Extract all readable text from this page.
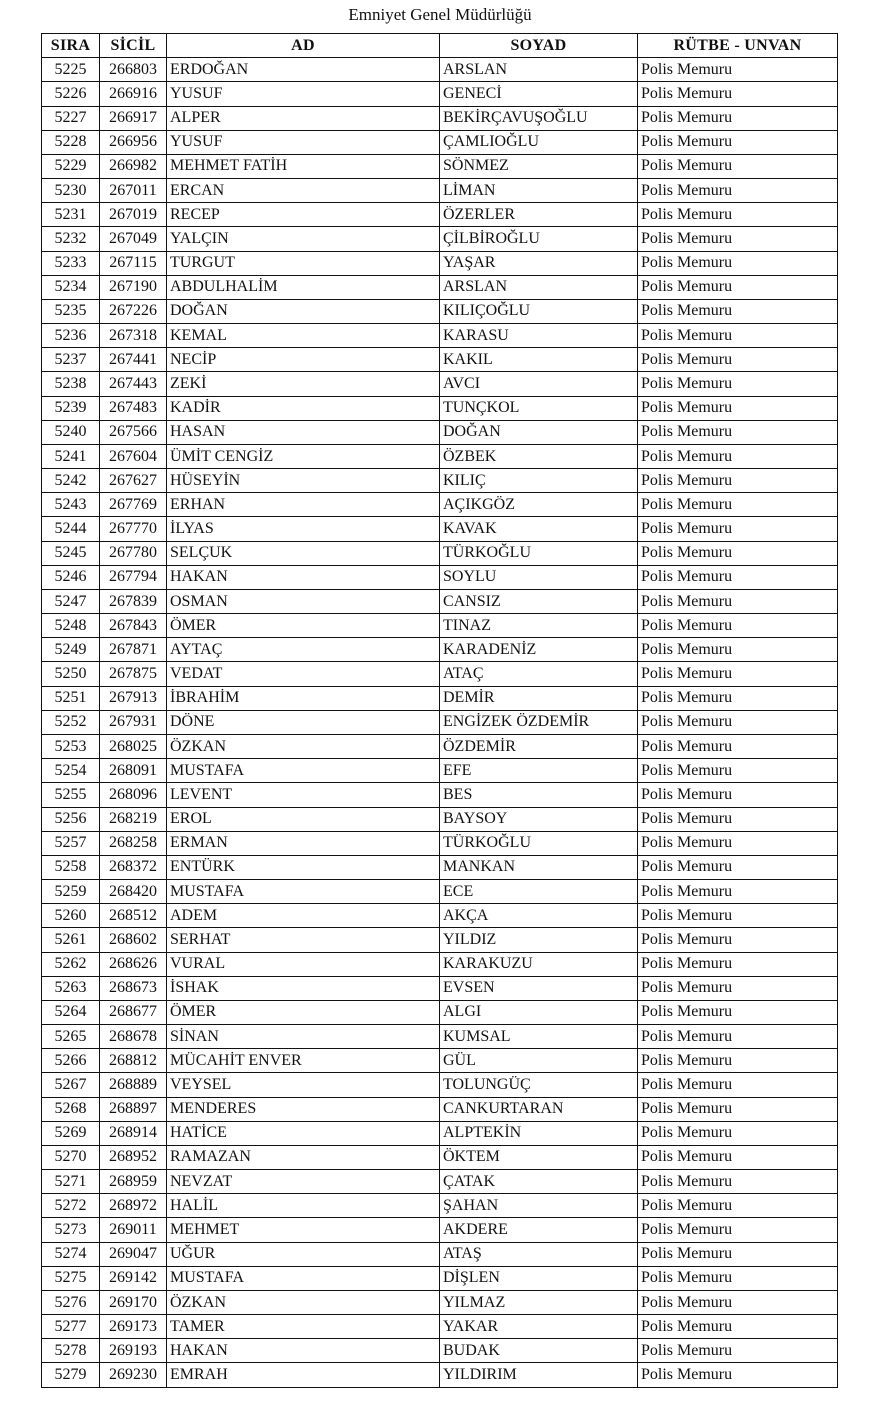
Emniyet Genel Müdürlüğü
SIRA	SİCİL	AD	SOYAD	RÜTBE - UNVAN
5225	266803	ERDOĞAN	ARSLAN	Polis Memuru
5226	266916	YUSUF	GENECİ	Polis Memuru
5227	266917	ALPER	BEKİRÇAVUŞOĞLU	Polis Memuru
5228	266956	YUSUF	ÇAMLIOĞLU	Polis Memuru
5229	266982	MEHMET FATİH	SÖNMEZ	Polis Memuru
5230	267011	ERCAN	LİMAN	Polis Memuru
5231	267019	RECEP	ÖZERLER	Polis Memuru
5232	267049	YALÇIN	ÇİLBİROĞLU	Polis Memuru
5233	267115	TURGUT	YAŞAR	Polis Memuru
5234	267190	ABDULHALİM	ARSLAN	Polis Memuru
5235	267226	DOĞAN	KILIÇOĞLU	Polis Memuru
5236	267318	KEMAL	KARASU	Polis Memuru
5237	267441	NECİP	KAKIL	Polis Memuru
5238	267443	ZEKİ	AVCI	Polis Memuru
5239	267483	KADİR	TUNÇKOL	Polis Memuru
5240	267566	HASAN	DOĞAN	Polis Memuru
5241	267604	ÜMİT CENGİZ	ÖZBEK	Polis Memuru
5242	267627	HÜSEYİN	KILIÇ	Polis Memuru
5243	267769	ERHAN	AÇIKGÖZ	Polis Memuru
5244	267770	İLYAS	KAVAK	Polis Memuru
5245	267780	SELÇUK	TÜRKOĞLU	Polis Memuru
5246	267794	HAKAN	SOYLU	Polis Memuru
5247	267839	OSMAN	CANSIZ	Polis Memuru
5248	267843	ÖMER	TINAZ	Polis Memuru
5249	267871	AYTAÇ	KARADENİZ	Polis Memuru
5250	267875	VEDAT	ATAÇ	Polis Memuru
5251	267913	İBRAHİM	DEMİR	Polis Memuru
5252	267931	DÖNE	ENGİZEK ÖZDEMİR	Polis Memuru
5253	268025	ÖZKAN	ÖZDEMİR	Polis Memuru
5254	268091	MUSTAFA	EFE	Polis Memuru
5255	268096	LEVENT	BES	Polis Memuru
5256	268219	EROL	BAYSOY	Polis Memuru
5257	268258	ERMAN	TÜRKOĞLU	Polis Memuru
5258	268372	ENTÜRK	MANKAN	Polis Memuru
5259	268420	MUSTAFA	ECE	Polis Memuru
5260	268512	ADEM	AKÇA	Polis Memuru
5261	268602	SERHAT	YILDIZ	Polis Memuru
5262	268626	VURAL	KARAKUZU	Polis Memuru
5263	268673	İSHAK	EVSEN	Polis Memuru
5264	268677	ÖMER	ALGI	Polis Memuru
5265	268678	SİNAN	KUMSAL	Polis Memuru
5266	268812	MÜCAHİT ENVER	GÜL	Polis Memuru
5267	268889	VEYSEL	TOLUNGÜÇ	Polis Memuru
5268	268897	MENDERES	CANKURTARAN	Polis Memuru
5269	268914	HATİCE	ALPTEKİN	Polis Memuru
5270	268952	RAMAZAN	ÖKTEM	Polis Memuru
5271	268959	NEVZAT	ÇATAK	Polis Memuru
5272	268972	HALİL	ŞAHAN	Polis Memuru
5273	269011	MEHMET	AKDERE	Polis Memuru
5274	269047	UĞUR	ATAŞ	Polis Memuru
5275	269142	MUSTAFA	DİŞLEN	Polis Memuru
5276	269170	ÖZKAN	YILMAZ	Polis Memuru
5277	269173	TAMER	YAKAR	Polis Memuru
5278	269193	HAKAN	BUDAK	Polis Memuru
5279	269230	EMRAH	YILDIRIM	Polis Memuru
